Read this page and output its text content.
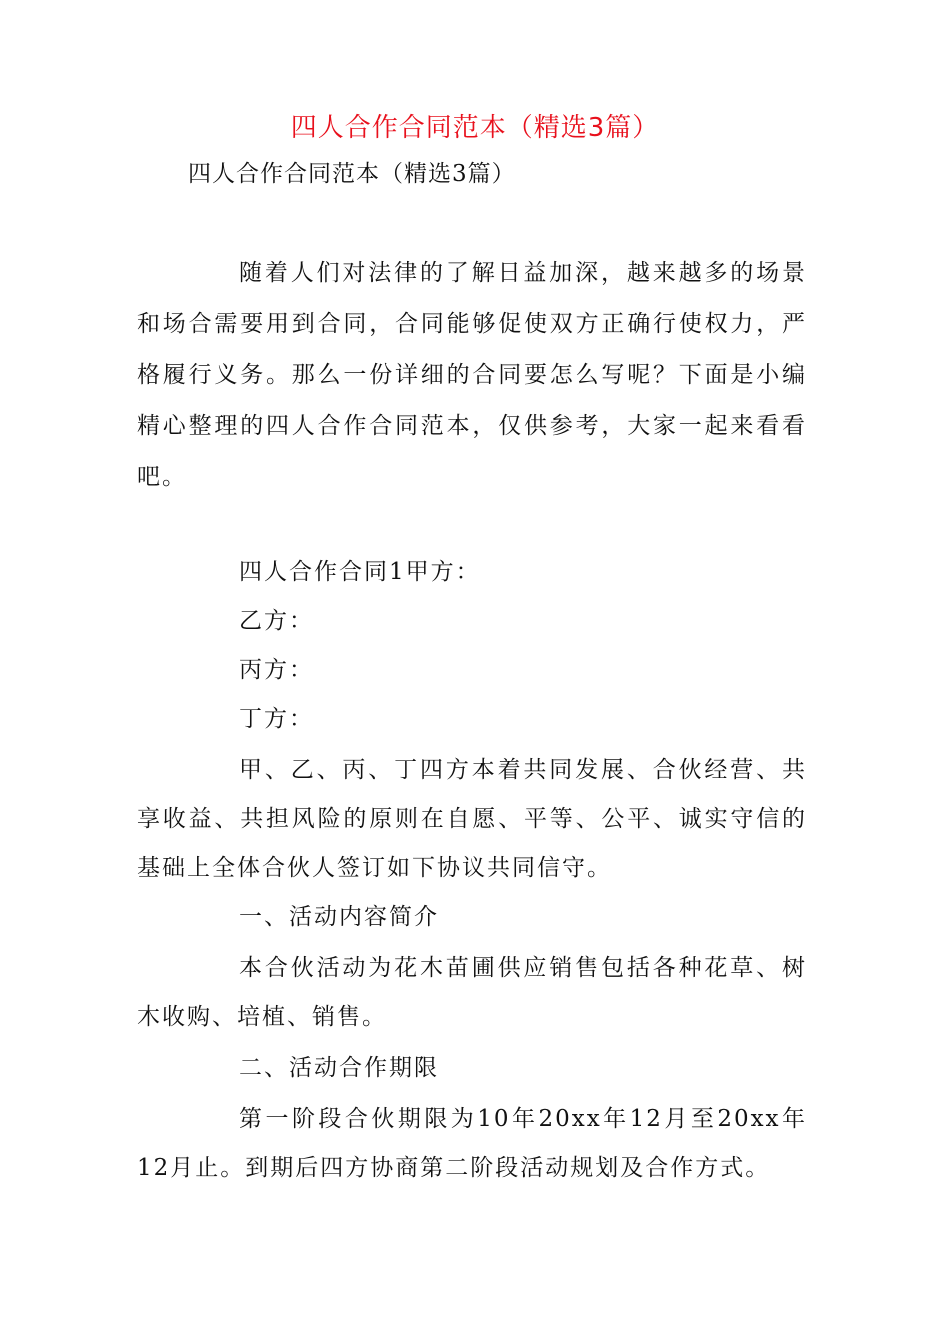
四人合作合同范本（精选3篇）
四人合作合同范本（精选3篇）
随着人们对法律的了解日益加深，越来越多的场景和场合需要用到合同，合同能够促使双方正确行使权力，严格履行义务。那么一份详细的合同要怎么写呢？下面是小编精心整理的四人合作合同范本，仅供参考，大家一起来看看吧。
四人合作合同1甲方：
乙方：
丙方：
丁方：
甲、乙、丙、丁四方本着共同发展、合伙经营、共享收益、共担风险的原则在自愿、平等、公平、诚实守信的基础上全体合伙人签订如下协议共同信守。
一、活动内容简介
本合伙活动为花木苗圃供应销售包括各种花草、树木收购、培植、销售。
二、活动合作期限
第一阶段合伙期限为10年20xx年12月至20xx年12月止。到期后四方协商第二阶段活动规划及合作方式。
